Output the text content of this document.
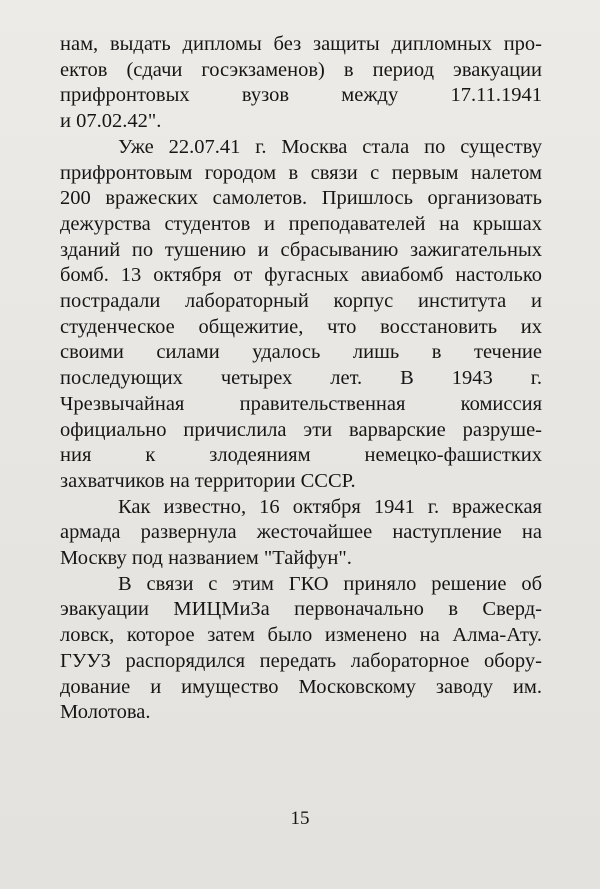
нам, выдать дипломы без защиты дипломных про-
ектов (сдачи госэкзаменов) в период эвакуации
прифронтовых вузов между 17.11.1941
и 07.02.42".

Уже 22.07.41 г. Москва стала по существу
прифронтовым городом в связи с первым налетом
200 вражеских самолетов. Пришлось организовать
дежурства студентов и преподавателей на крышах
зданий по тушению и сбрасыванию зажигательных
бомб. 13 октября от фугасных авиабомб настолько
пострадали лабораторный корпус института и
студенческое общежитие, что восстановить их
своими силами удалось лишь в течение
последующих четырех лет. В 1943 г.
Чрезвычайная правительственная комиссия
официально причислила эти варварские разруше-
ния к злодеяниям немецко-фашистких
захватчиков на территории СССР.

Как известно, 16 октября 1941 г. вражеская
армада развернула жесточайшее наступление на
Москву под названием "Тайфун".

В связи с этим ГКО приняло решение об
эвакуации МИЦМиЗа первоначально в Сверд-
ловск, которое затем было изменено на Алма-Ату.
ГУУЗ распорядился передать лабораторное обору-
дование и имущество Московскому заводу им.
Молотова.

15
